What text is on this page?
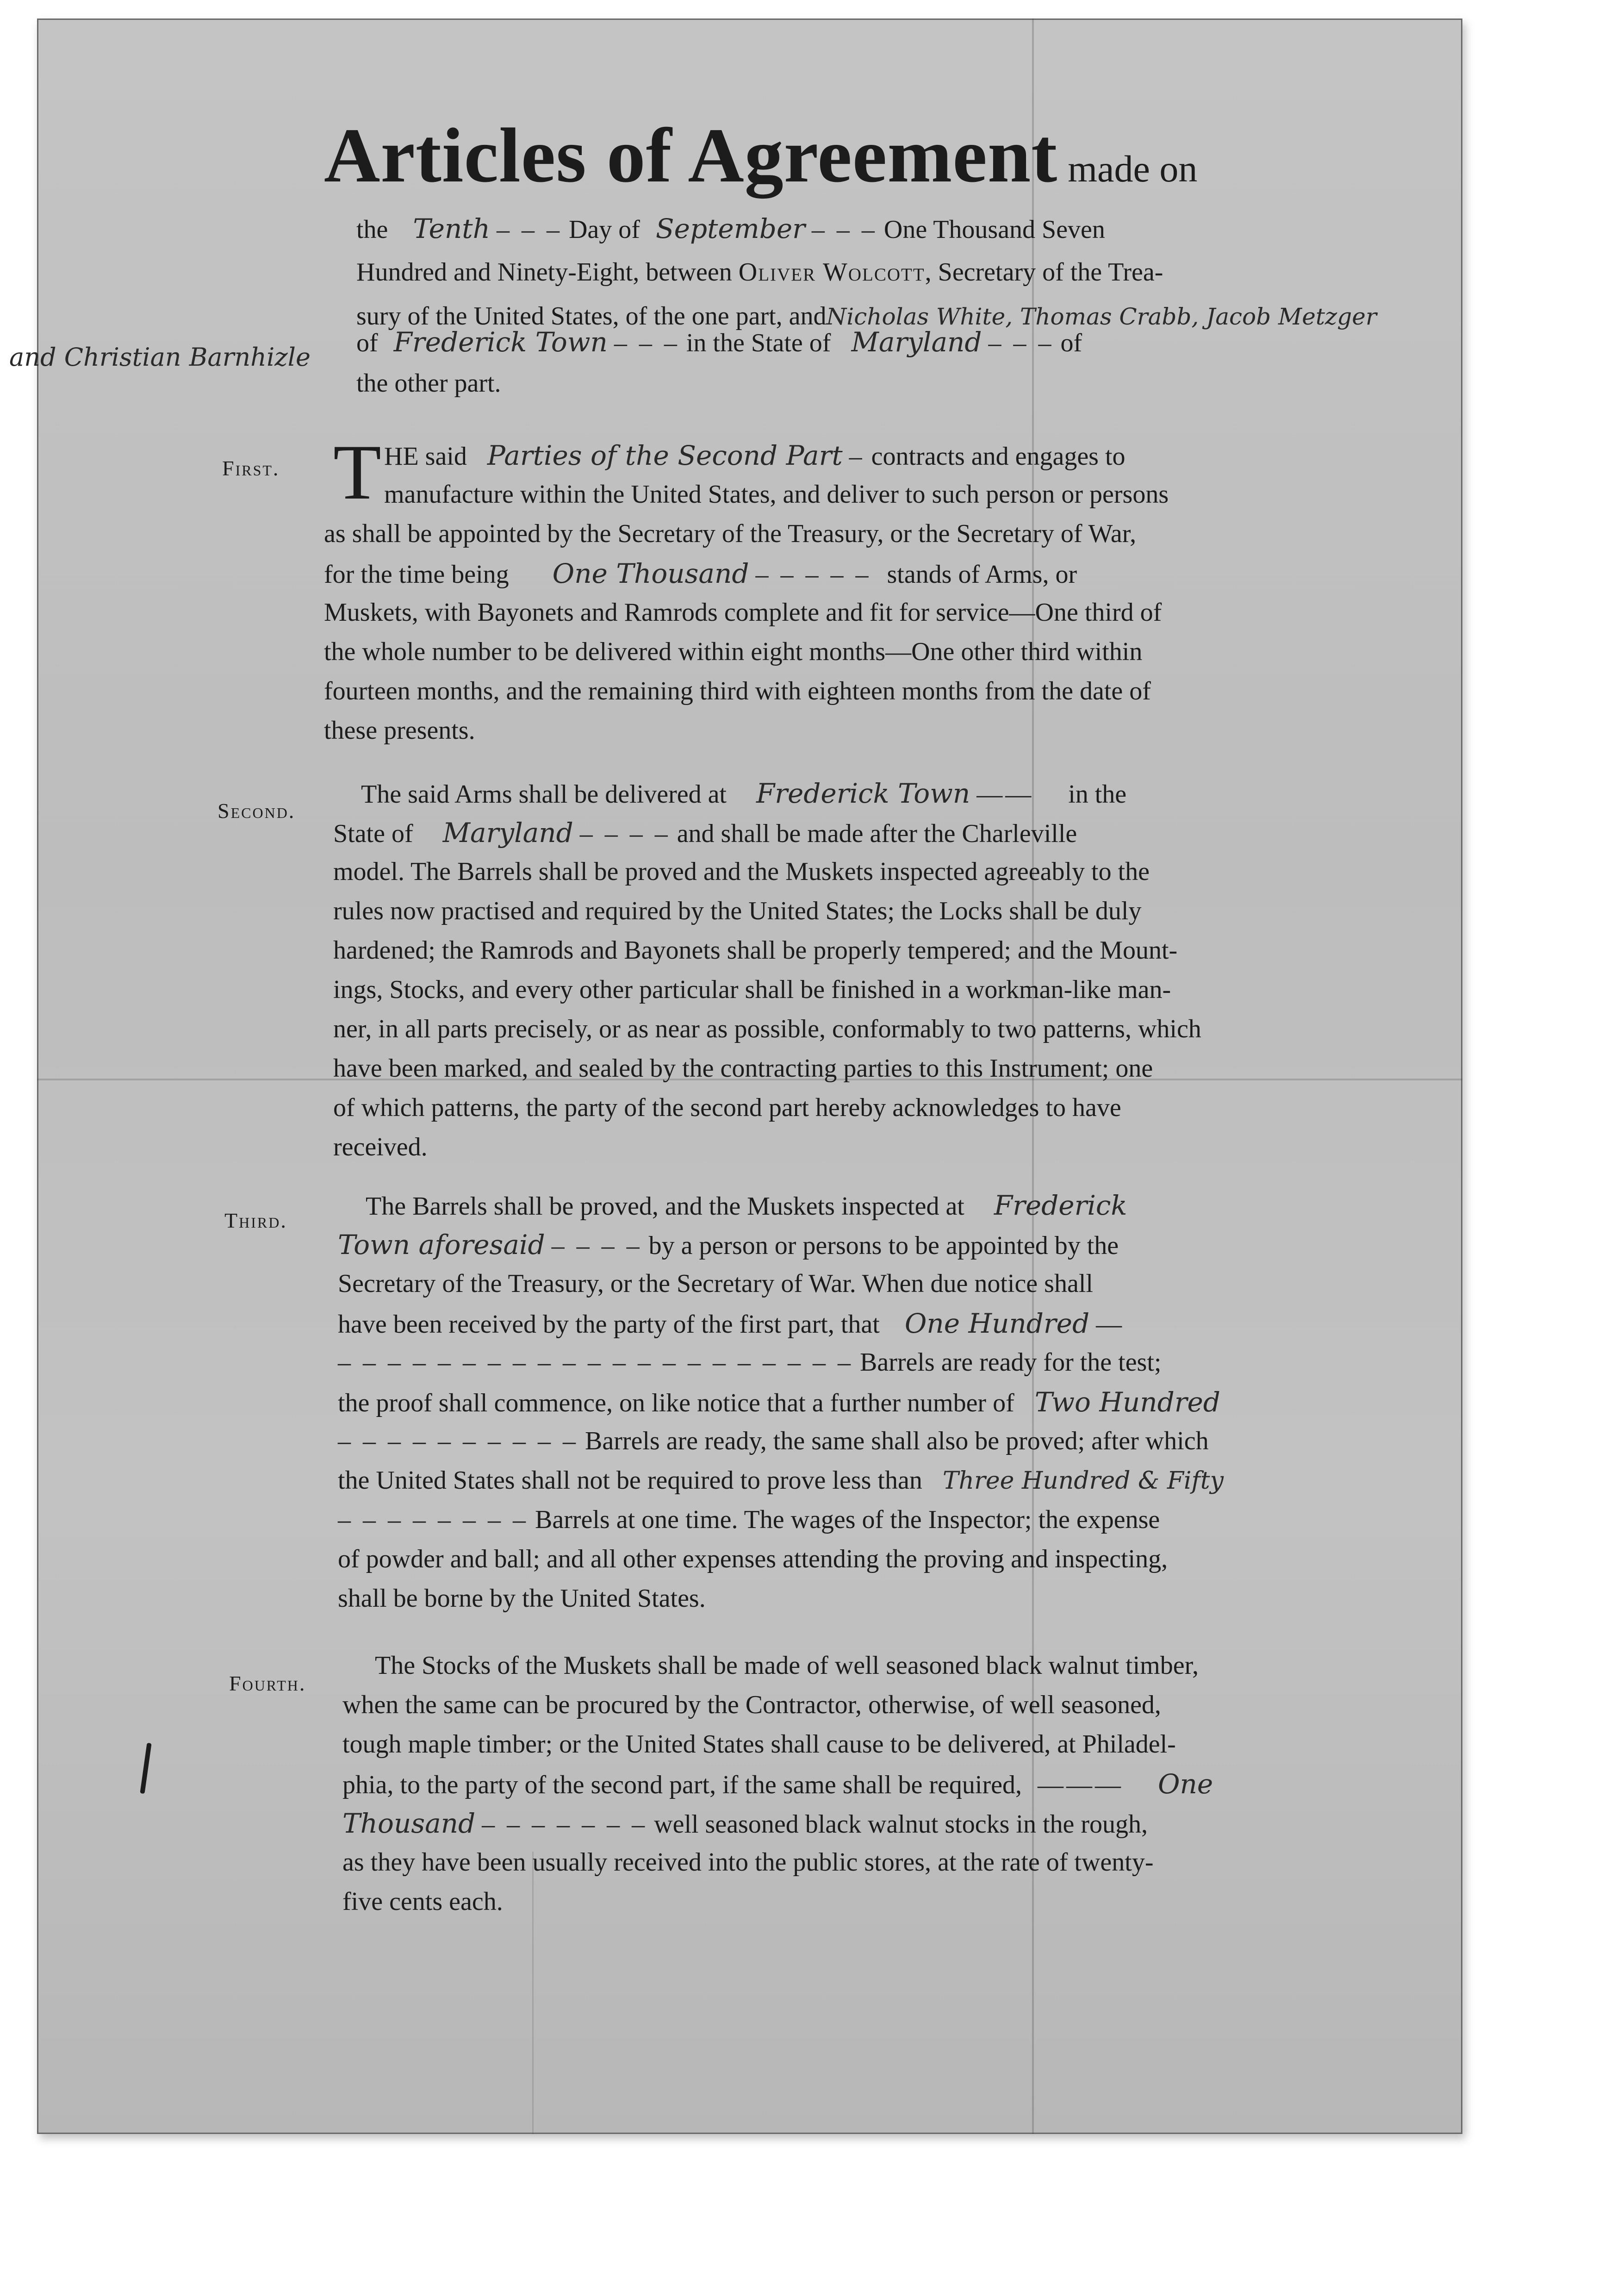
Articles of Agreement made on
the Tenth – – – Day of September – – – One Thousand Seven
Hundred and Ninety-Eight, between Oliver Wolcott, Secretary of the Trea-
sury of the United States, of the one part, andNicholas White, Thomas Crabb, Jacob Metzger
and Christian Barnhizle of Frederick Town – – – in the State of Maryland – – – of
the other part.
First. T HE said Parties of the Second Part – contracts and engages to
manufacture within the United States, and deliver to such person or persons
as shall be appointed by the Secretary of the Treasury, or the Secretary of War,
for the time being One Thousand – – – – – stands of Arms, or
Muskets, with Bayonets and Ramrods complete and fit for service—One third of
the whole number to be delivered within eight months—One other third within
fourteen months, and the remaining third with eighteen months from the date of
these presents.
Second.
The said Arms shall be delivered at Frederick Town —— in the
State of Maryland – – – – and shall be made after the Charleville
model. The Barrels shall be proved and the Muskets inspected agreeably to the
rules now practised and required by the United States; the Locks shall be duly
hardened; the Ramrods and Bayonets shall be properly tempered; and the Mount-
ings, Stocks, and every other particular shall be finished in a workman-like man-
ner, in all parts precisely, or as near as possible, conformably to two patterns, which
have been marked, and sealed by the contracting parties to this Instrument; one
of which patterns, the party of the second part hereby acknowledges to have
received.
Third.	The Barrels shall be proved, and the Muskets inspected at Frederick
Town aforesaid – – – – by a person or persons to be appointed by the
Secretary of the Treasury, or the Secretary of War. When due notice shall
have been received by the party of the first part, that One Hundred —
– – – – – – – – – – – – – – – – – – – – – Barrels are ready for the test;
the proof shall commence, on like notice that a further number of Two Hundred
– – – – – – – – – – Barrels are ready, the same shall also be proved; after which
the United States shall not be required to prove less than Three Hundred & Fifty
– – – – – – – – Barrels at one time. The wages of the Inspector; the expense
of powder and ball; and all other expenses attending the proving and inspecting,
shall be borne by the United States.
Fourth.
The Stocks of the Muskets shall be made of well seasoned black walnut timber,
when the same can be procured by the Contractor, otherwise, of well seasoned,
tough maple timber; or the United States shall cause to be delivered, at Philadel-
phia, to the party of the second part, if the same shall be required, ——— One
Thousand – – – – – – – well seasoned black walnut stocks in the rough,
as they have been usually received into the public stores, at the rate of twenty-
five cents each.
